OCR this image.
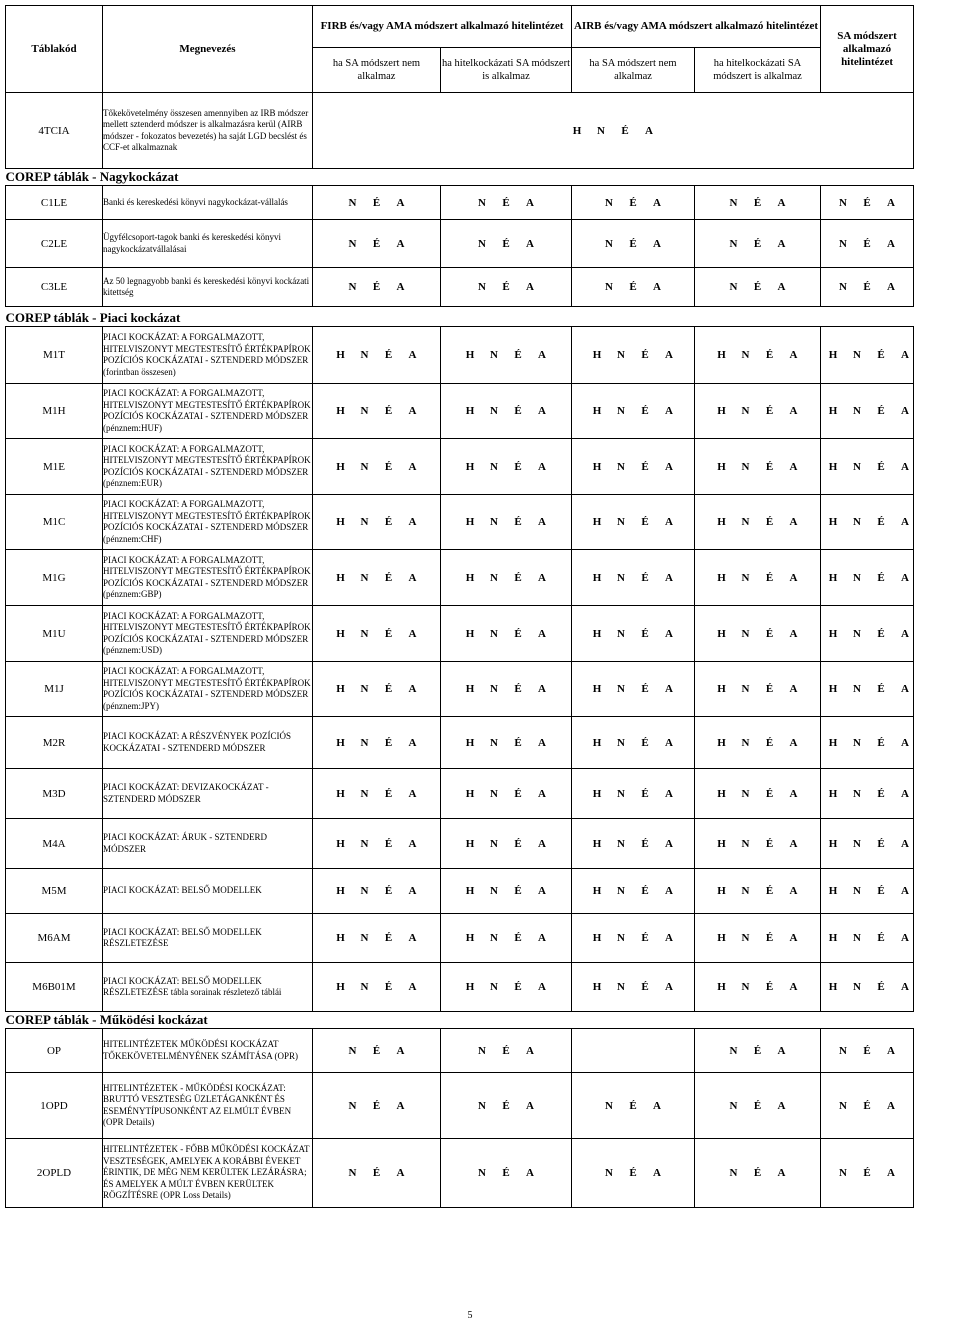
Táblakód	Megnevezés	FIRB és/vagy AMA módszert alkalmazó hitelintézet		AIRB és/vagy AMA módszert alkalmazó hitelintézet		SA módszert alkalmazó hitelintézet
		ha SA módszert nem alkalmaz	ha hitelkockázati SA módszert is alkalmaz	ha SA módszert nem alkalmaz	ha hitelkockázati SA módszert is alkalmaz	
4TCIA	Tőkekövetelmény összesen amennyiben az IRB módszer mellett sztenderd módszer is alkalmazásra kerül (AIRB módszer - fokozatos bevezetés) ha saját LGD becslést és CCF-et alkalmaznak	H N É A				
COREP táblák - Nagykockázat						
C1LE	Banki és kereskedési könyvi nagykockázat-vállalás	N É A	N É A	N É A	N É A	N É A
C2LE	Ügyfélcsoport-tagok banki és kereskedési könyvi nagykockázatvállalásai	N É A	N É A	N É A	N É A	N É A
C3LE	Az 50 legnagyobb banki és kereskedési könyvi kockázati kitettség	N É A	N É A	N É A	N É A	N É A
COREP táblák - Piaci kockázat						
M1T	PIACI KOCKÁZAT: A FORGALMAZOTT, HITELVISZONYT MEGTESTESÍTŐ ÉRTÉKPAPÍROK POZÍCIÓS KOCKÁZATAI - SZTENDERD MÓDSZER (forintban összesen)	H N É A	H N É A	H N É A	H N É A	H N É A
M1H	PIACI KOCKÁZAT: A FORGALMAZOTT, HITELVISZONYT MEGTESTESÍTŐ ÉRTÉKPAPÍROK POZÍCIÓS KOCKÁZATAI - SZTENDERD MÓDSZER (pénznem:HUF)	H N É A	H N É A	H N É A	H N É A	H N É A
M1E	PIACI KOCKÁZAT: A FORGALMAZOTT, HITELVISZONYT MEGTESTESÍTŐ ÉRTÉKPAPÍROK POZÍCIÓS KOCKÁZATAI - SZTENDERD MÓDSZER (pénznem:EUR)	H N É A	H N É A	H N É A	H N É A	H N É A
M1C	PIACI KOCKÁZAT: A FORGALMAZOTT, HITELVISZONYT MEGTESTESÍTŐ ÉRTÉKPAPÍROK POZÍCIÓS KOCKÁZATAI - SZTENDERD MÓDSZER (pénznem:CHF)	H N É A	H N É A	H N É A	H N É A	H N É A
M1G	PIACI KOCKÁZAT: A FORGALMAZOTT, HITELVISZONYT MEGTESTESÍTŐ ÉRTÉKPAPÍROK POZÍCIÓS KOCKÁZATAI - SZTENDERD MÓDSZER (pénznem:GBP)	H N É A	H N É A	H N É A	H N É A	H N É A
M1U	PIACI KOCKÁZAT: A FORGALMAZOTT, HITELVISZONYT MEGTESTESÍTŐ ÉRTÉKPAPÍROK POZÍCIÓS KOCKÁZATAI - SZTENDERD MÓDSZER (pénznem:USD)	H N É A	H N É A	H N É A	H N É A	H N É A
M1J	PIACI KOCKÁZAT: A FORGALMAZOTT, HITELVISZONYT MEGTESTESÍTŐ ÉRTÉKPAPÍROK POZÍCIÓS KOCKÁZATAI - SZTENDERD MÓDSZER (pénznem:JPY)	H N É A	H N É A	H N É A	H N É A	H N É A
M2R	PIACI KOCKÁZAT: A RÉSZVÉNYEK POZÍCIÓS KOCKÁZATAI - SZTENDERD MÓDSZER	H N É A	H N É A	H N É A	H N É A	H N É A
M3D	PIACI KOCKÁZAT: DEVIZAKOCKÁZAT - SZTENDERD MÓDSZER	H N É A	H N É A	H N É A	H N É A	H N É A
M4A	PIACI KOCKÁZAT: ÁRUK - SZTENDERD MÓDSZER	H N É A	H N É A	H N É A	H N É A	H N É A
M5M	PIACI KOCKÁZAT: BELSŐ MODELLEK	H N É A	H N É A	H N É A	H N É A	H N É A
M6AM	PIACI KOCKÁZAT: BELSŐ MODELLEK RÉSZLETEZÉSE	H N É A	H N É A	H N É A	H N É A	H N É A
M6B01M	PIACI KOCKÁZAT: BELSŐ MODELLEK RÉSZLETEZÉSE tábla sorainak részletező táblái	H N É A	H N É A	H N É A	H N É A	H N É A
COREP táblák - Működési kockázat						
OP	HITELINTÉZETEK MŰKÖDÉSI KOCKÁZAT TŐKEKÖVETELMÉNYÉNEK SZÁMÍTÁSA (OPR)	N É A	N É A		N É A	N É A
1OPD	HITELINTÉZETEK - MŰKÖDÉSI KOCKÁZAT: BRUTTÓ VESZTESÉG ÜZLETÁGANKÉNT ÉS ESEMÉNYTÍPUSONKÉNT AZ ELMÚLT ÉVBEN (OPR Details)	N É A	N É A	N É A	N É A	N É A
2OPLD	HITELINTÉZETEK - FŐBB MŰKÖDÉSI KOCKÁZAT VESZTESÉGEK, AMELYEK A KORÁBBI ÉVEKET ÉRINTIK, DE MÉG NEM KERÜLTEK LEZÁRÁSRA; ÉS AMELYEK A MÚLT ÉVBEN KERÜLTEK RÖGZÍTÉSRE (OPR Loss Details)	N É A	N É A	N É A	N É A	N É A
5
